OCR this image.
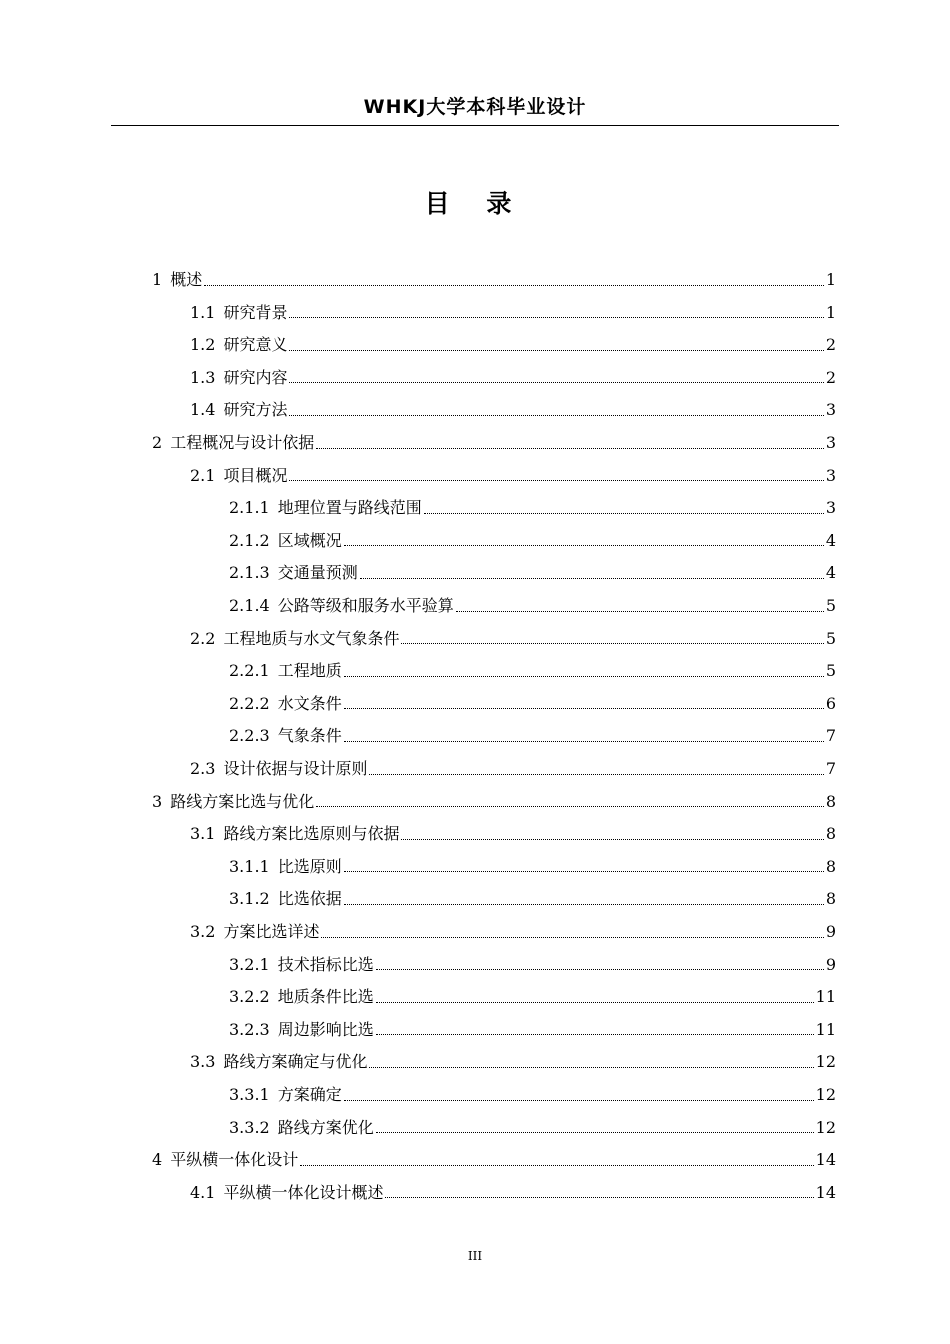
WHKJ大学本科毕业设计
目 录
1 概述	1
1.1 研究背景	1
1.2 研究意义	2
1.3 研究内容	2
1.4 研究方法	3
2 工程概况与设计依据	3
2.1 项目概况	3
2.1.1 地理位置与路线范围	3
2.1.2 区域概况	4
2.1.3 交通量预测	4
2.1.4 公路等级和服务水平验算	5
2.2 工程地质与水文气象条件	5
2.2.1 工程地质	5
2.2.2 水文条件	6
2.2.3 气象条件	7
2.3 设计依据与设计原则	7
3 路线方案比选与优化	8
3.1 路线方案比选原则与依据	8
3.1.1 比选原则	8
3.1.2 比选依据	8
3.2 方案比选详述	9
3.2.1 技术指标比选	9
3.2.2 地质条件比选	11
3.2.3 周边影响比选	11
3.3 路线方案确定与优化	12
3.3.1 方案确定	12
3.3.2 路线方案优化	12
4 平纵横一体化设计	14
4.1 平纵横一体化设计概述	14
III
